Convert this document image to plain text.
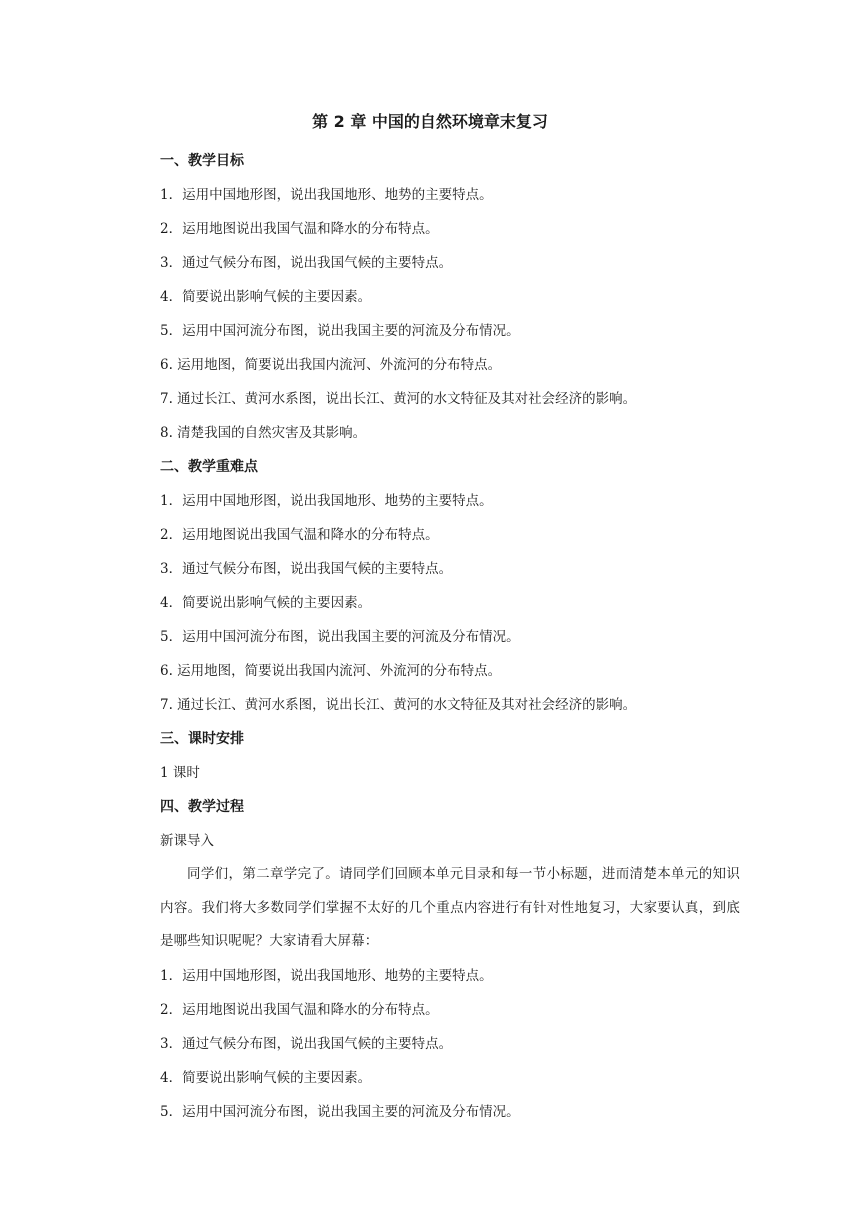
第 2 章 中国的自然环境章末复习
一、教学目标
1．运用中国地形图，说出我国地形、地势的主要特点。
2．运用地图说出我国气温和降水的分布特点。
3．通过气候分布图，说出我国气候的主要特点。
4．简要说出影响气候的主要因素。
5．运用中国河流分布图，说出我国主要的河流及分布情况。
6. 运用地图，简要说出我国内流河、外流河的分布特点。
7. 通过长江、黄河水系图，说出长江、黄河的水文特征及其对社会经济的影响。
8. 清楚我国的自然灾害及其影响。
二、教学重难点
1．运用中国地形图，说出我国地形、地势的主要特点。
2．运用地图说出我国气温和降水的分布特点。
3．通过气候分布图，说出我国气候的主要特点。
4．简要说出影响气候的主要因素。
5．运用中国河流分布图，说出我国主要的河流及分布情况。
6. 运用地图，简要说出我国内流河、外流河的分布特点。
7. 通过长江、黄河水系图，说出长江、黄河的水文特征及其对社会经济的影响。
三、课时安排
1 课时
四、教学过程
新课导入
同学们，第二章学完了。请同学们回顾本单元目录和每一节小标题，进而清楚本单元的知识内容。我们将大多数同学们掌握不太好的几个重点内容进行有针对性地复习，大家要认真，到底是哪些知识呢呢？大家请看大屏幕：
1．运用中国地形图，说出我国地形、地势的主要特点。
2．运用地图说出我国气温和降水的分布特点。
3．通过气候分布图，说出我国气候的主要特点。
4．简要说出影响气候的主要因素。
5．运用中国河流分布图，说出我国主要的河流及分布情况。
